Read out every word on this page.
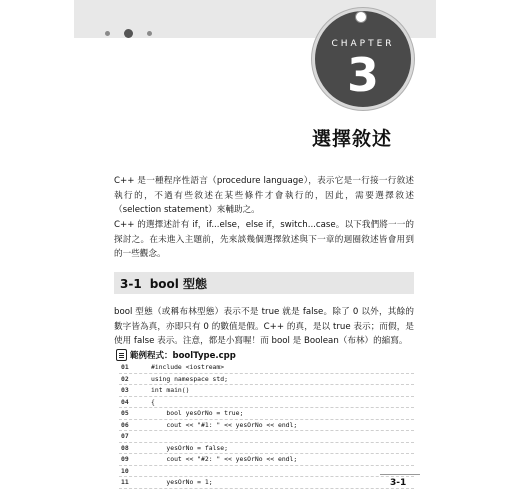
CHAPTER
3
選擇敘述

C++ 是一種程序性語言（procedure language），表示它是一行接一行敘述執行的，不過有些敘述在某些條件才會執行的，因此，需要選擇敘述（selection statement）來輔助之。

C++ 的選擇述計有 if，if...else，else if，switch...case。以下我們將一一的探討之。在未進入主題前，先來談幾個選擇敘述與下一章的迴圈敘述皆會用到的一些觀念。

3-1 bool 型態

bool 型態（或稱布林型態）表示不是 true 就是 false。除了 0 以外，其餘的數字皆為真，亦即只有 0 的數值是假。C++ 的真，是以 true 表示；而假，是使用 false 表示。注意，都是小寫喔！而 bool 是 Boolean（布林）的縮寫。

範例程式：boolType.cpp
01	#include <iostream>
02	using namespace std;
03	int main()
04	{
05	bool yesOrNo = true;
06	cout << "#1: " << yesOrNo << endl;
07
08	yesOrNo = false;
09	cout << "#2: " << yesOrNo << endl;
10
11	yesOrNo = 1;	3-1
